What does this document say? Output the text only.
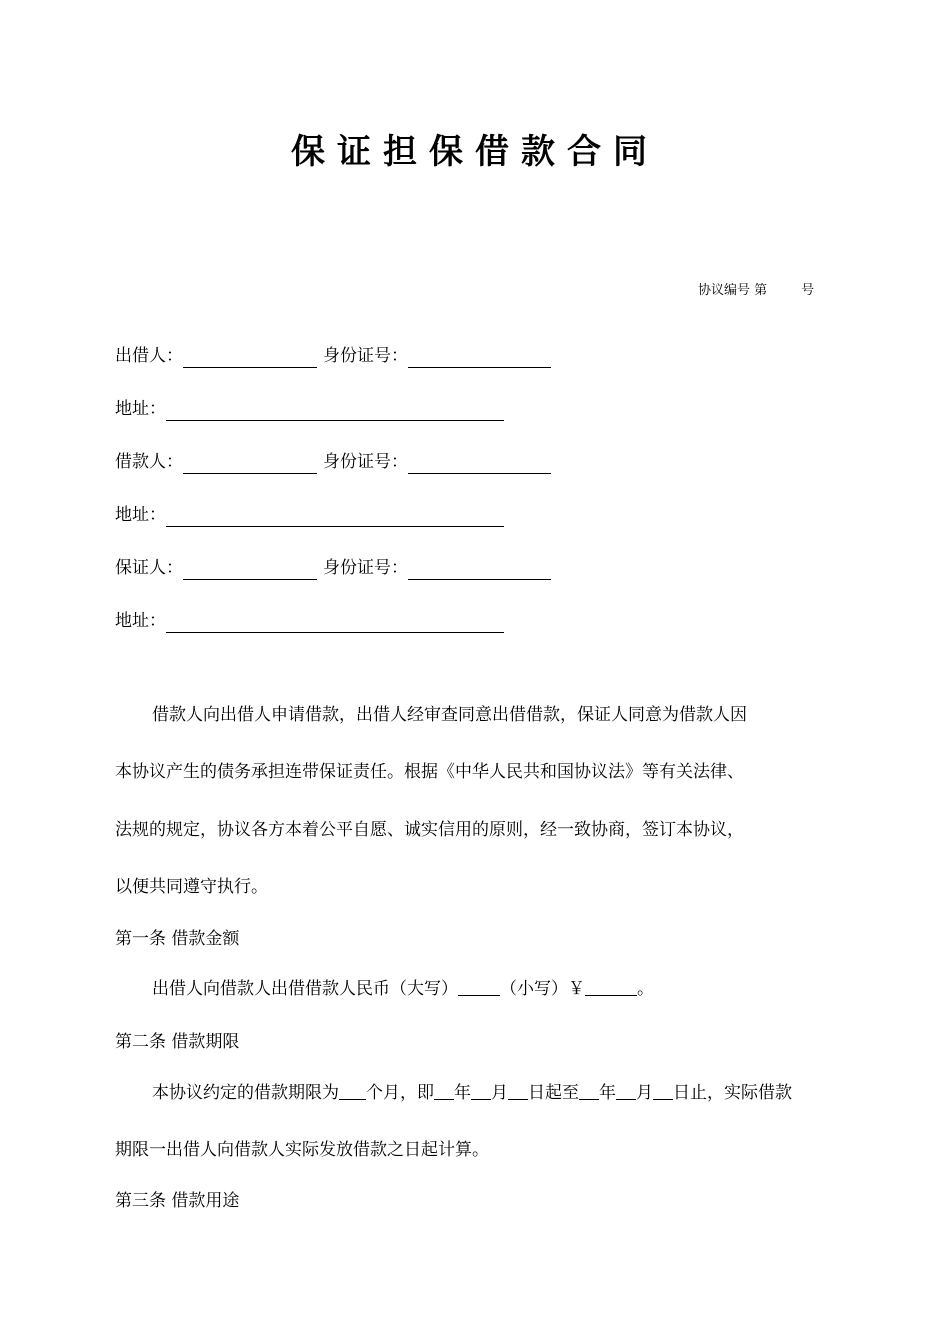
保证担保借款合同
协议编号 第	号
出借人：	身份证号：
地址：
借款人：	身份证号：
地址：
保证人：	身份证号：
地址：
借款人向出借人申请借款，出借人经审查同意出借借款，保证人同意为借款人因
本协议产生的债务承担连带保证责任。根据《中华人民共和国协议法》等有关法律、
法规的规定，协议各方本着公平自愿、诚实信用的原则，经一致协商，签订本协议，
以便共同遵守执行。
第一条 借款金额
出借人向借款人出借借款人民币（大写） （小写）￥	。
第二条 借款期限
本协议约定的借款期限为 个月，即 年 月 日起至 年 月 日止，实际借款
期限一出借人向借款人实际发放借款之日起计算。
第三条 借款用途
